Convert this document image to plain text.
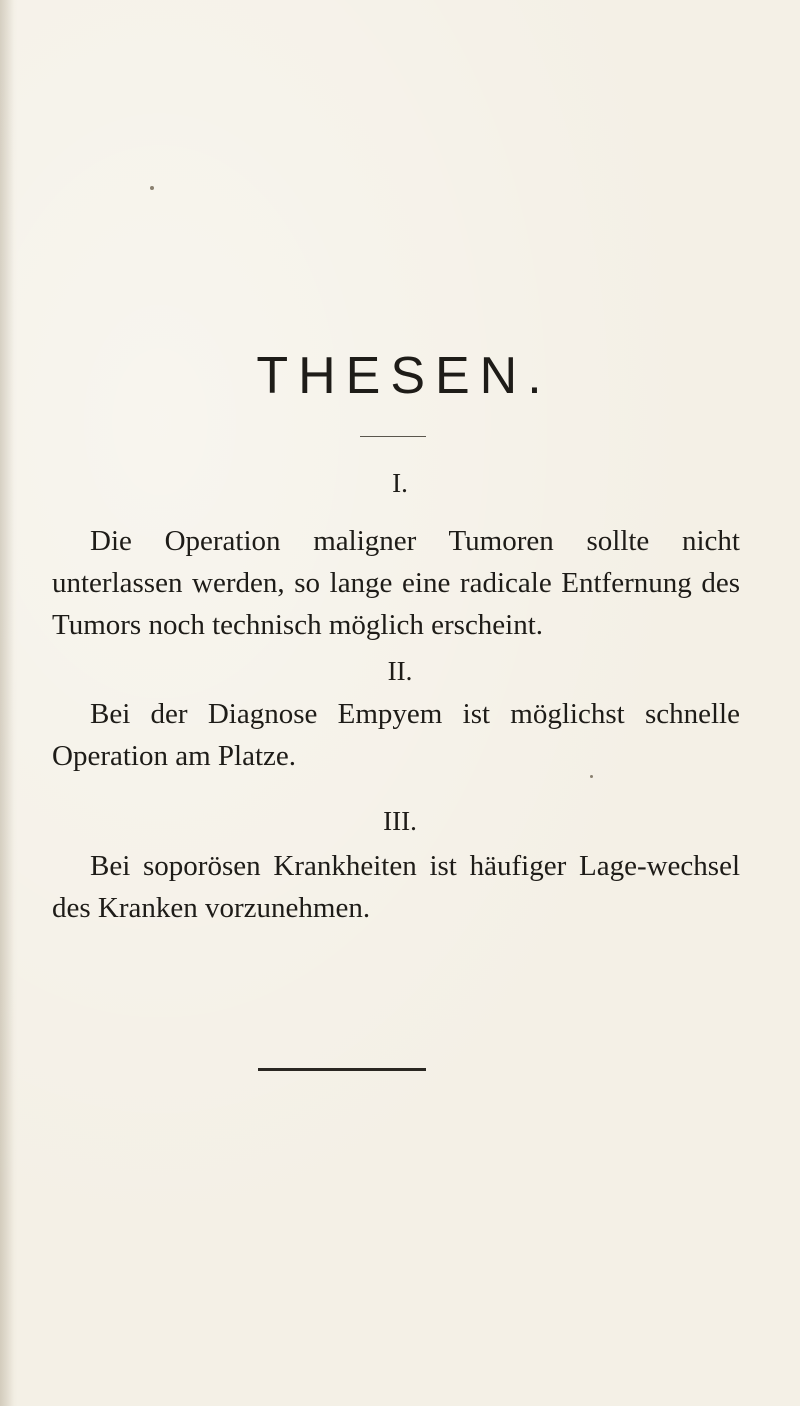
THESEN.
I.

Die Operation maligner Tumoren sollte nicht unterlassen werden, so lange eine radicale Entfernung des Tumors noch technisch möglich erscheint.

II.

Bei der Diagnose Empyem ist möglichst schnelle Operation am Platze.

III.

Bei soporösen Krankheiten ist häufiger Lage-wechsel des Kranken vorzunehmen.
